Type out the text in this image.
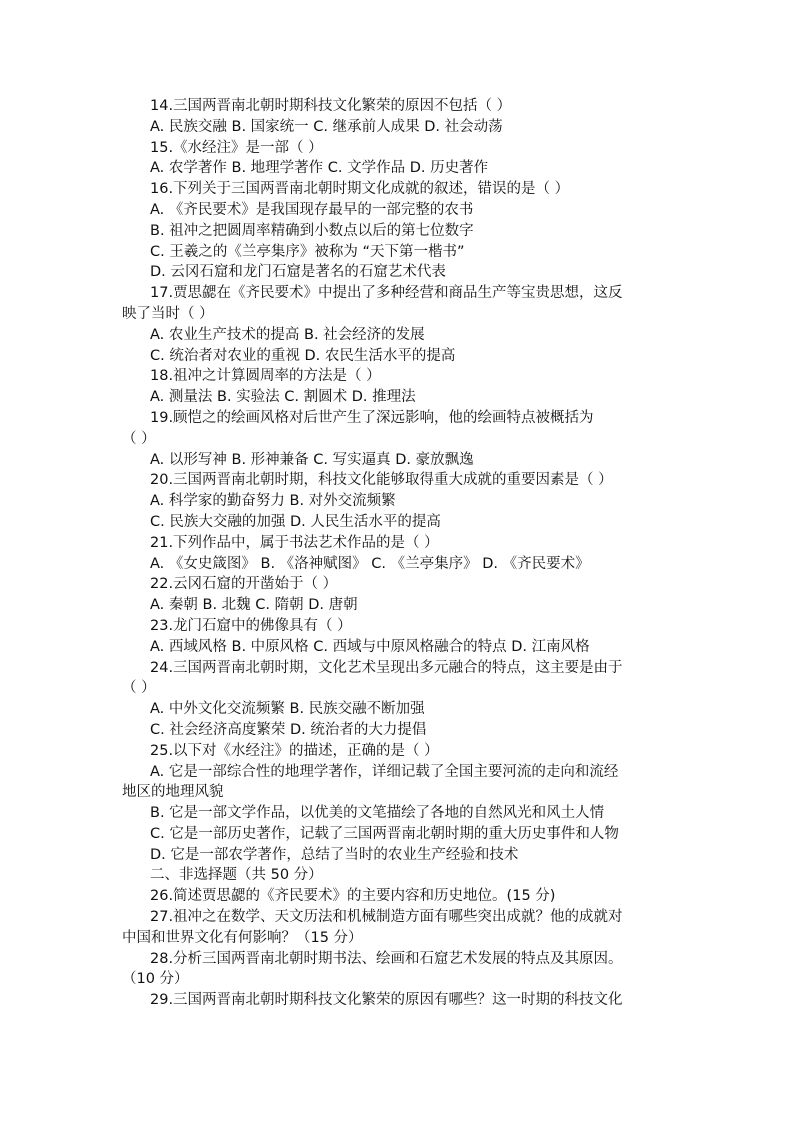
14.三国两晋南北朝时期科技文化繁荣的原因不包括（ ）
A. 民族交融 B. 国家统一 C. 继承前人成果 D. 社会动荡
15.《水经注》是一部（ ）
A. 农学著作 B. 地理学著作 C. 文学作品 D. 历史著作
16.下列关于三国两晋南北朝时期文化成就的叙述，错误的是（ ）
A. 《齐民要术》是我国现存最早的一部完整的农书
B. 祖冲之把圆周率精确到小数点以后的第七位数字
C. 王羲之的《兰亭集序》被称为 “天下第一楷书”
D. 云冈石窟和龙门石窟是著名的石窟艺术代表
17.贾思勰在《齐民要术》中提出了多种经营和商品生产等宝贵思想，这反
映了当时（ ）
A. 农业生产技术的提高 B. 社会经济的发展
C. 统治者对农业的重视 D. 农民生活水平的提高
18.祖冲之计算圆周率的方法是（ ）
A. 测量法 B. 实验法 C. 割圆术 D. 推理法
19.顾恺之的绘画风格对后世产生了深远影响，他的绘画特点被概括为
（ ）
A. 以形写神 B. 形神兼备 C. 写实逼真 D. 豪放飘逸
20.三国两晋南北朝时期，科技文化能够取得重大成就的重要因素是（ ）
A. 科学家的勤奋努力 B. 对外交流频繁
C. 民族大交融的加强 D. 人民生活水平的提高
21.下列作品中，属于书法艺术作品的是（ ）
A. 《女史箴图》 B. 《洛神赋图》 C. 《兰亭集序》 D. 《齐民要术》
22.云冈石窟的开凿始于（ ）
A. 秦朝 B. 北魏 C. 隋朝 D. 唐朝
23.龙门石窟中的佛像具有（ ）
A. 西域风格 B. 中原风格 C. 西域与中原风格融合的特点 D. 江南风格
24.三国两晋南北朝时期，文化艺术呈现出多元融合的特点，这主要是由于
（ ）
A. 中外文化交流频繁 B. 民族交融不断加强
C. 社会经济高度繁荣 D. 统治者的大力提倡
25.以下对《水经注》的描述，正确的是（ ）
A. 它是一部综合性的地理学著作，详细记载了全国主要河流的走向和流经
地区的地理风貌
B. 它是一部文学作品，以优美的文笔描绘了各地的自然风光和风土人情
C. 它是一部历史著作，记载了三国两晋南北朝时期的重大历史事件和人物
D. 它是一部农学著作，总结了当时的农业生产经验和技术
二、非选择题（共 50 分）
26.简述贾思勰的《齐民要术》的主要内容和历史地位。(15 分)
27.祖冲之在数学、天文历法和机械制造方面有哪些突出成就？他的成就对
中国和世界文化有何影响？（15 分）
28.分析三国两晋南北朝时期书法、绘画和石窟艺术发展的特点及其原因。
（10 分）
29.三国两晋南北朝时期科技文化繁荣的原因有哪些？这一时期的科技文化
